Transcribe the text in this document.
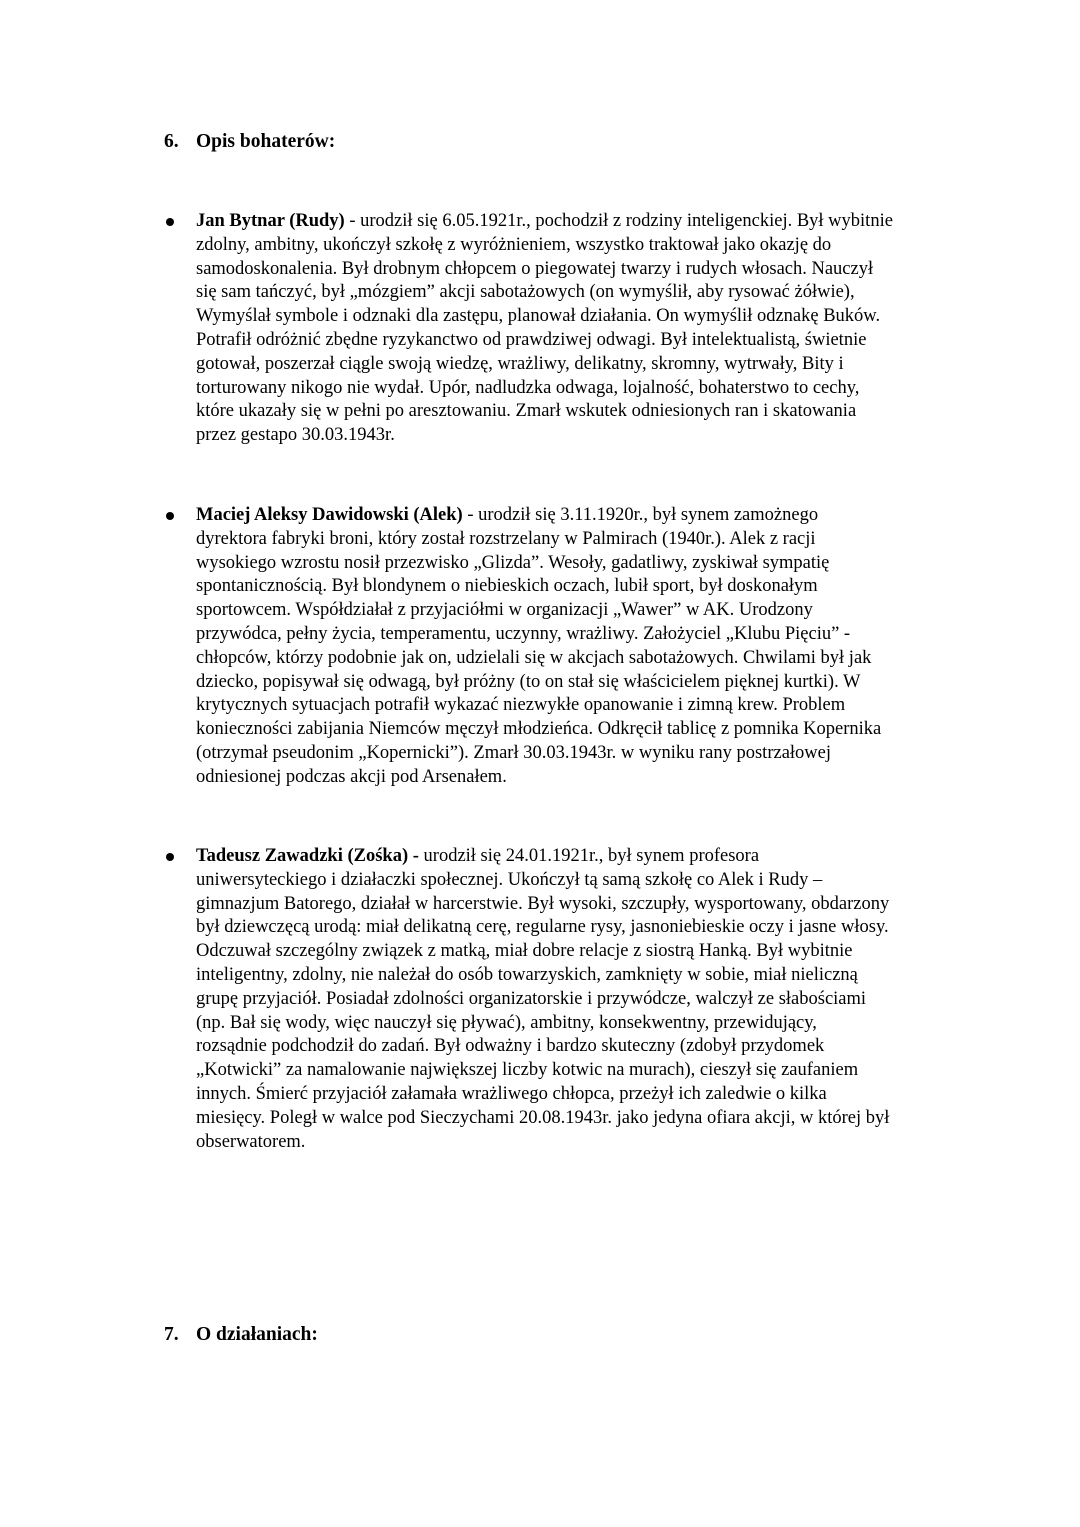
6. Opis bohaterów:

Jan Bytnar (Rudy) - urodził się 6.05.1921r., pochodził z rodziny inteligenckiej. Był wybitnie
zdolny, ambitny, ukończył szkołę z wyróżnieniem, wszystko traktował jako okazję do
samodoskonalenia. Był drobnym chłopcem o piegowatej twarzy i rudych włosach. Nauczył
się sam tańczyć, był „mózgiem” akcji sabotażowych (on wymyślił, aby rysować żółwie),
Wymyślał symbole i odznaki dla zastępu, planował działania. On wymyślił odznakę Buków.
Potrafił odróżnić zbędne ryzykanctwo od prawdziwej odwagi. Był intelektualistą, świetnie
gotował, poszerzał ciągle swoją wiedzę, wrażliwy, delikatny, skromny, wytrwały, Bity i
torturowany nikogo nie wydał. Upór, nadludzka odwaga, lojalność, bohaterstwo to cechy,
które ukazały się w pełni po aresztowaniu. Zmarł wskutek odniesionych ran i skatowania
przez gestapo 30.03.1943r.

Maciej Aleksy Dawidowski (Alek) - urodził się 3.11.1920r., był synem zamożnego
dyrektora fabryki broni, który został rozstrzelany w Palmirach (1940r.). Alek z racji
wysokiego wzrostu nosił przezwisko „Glizda”. Wesoły, gadatliwy, zyskiwał sympatię
spontanicznością. Był blondynem o niebieskich oczach, lubił sport, był doskonałym
sportowcem. Współdziałał z przyjaciółmi w organizacji „Wawer” w AK. Urodzony
przywódca, pełny życia, temperamentu, uczynny, wrażliwy. Założyciel „Klubu Pięciu” -
chłopców, którzy podobnie jak on, udzielali się w akcjach sabotażowych. Chwilami był jak
dziecko, popisywał się odwagą, był próżny (to on stał się właścicielem pięknej kurtki). W
krytycznych sytuacjach potrafił wykazać niezwykłe opanowanie i zimną krew. Problem
konieczności zabijania Niemców męczył młodzieńca. Odkręcił tablicę z pomnika Kopernika
(otrzymał pseudonim „Kopernicki”). Zmarł 30.03.1943r. w wyniku rany postrzałowej
odniesionej podczas akcji pod Arsenałem.

Tadeusz Zawadzki (Zośka) - urodził się 24.01.1921r., był synem profesora
uniwersyteckiego i działaczki społecznej. Ukończył tą samą szkołę co Alek i Rudy –
gimnazjum Batorego, działał w harcerstwie. Był wysoki, szczupły, wysportowany, obdarzony
był dziewczęcą urodą: miał delikatną cerę, regularne rysy, jasnoniebieskie oczy i jasne włosy.
Odczuwał szczególny związek z matką, miał dobre relacje z siostrą Hanką. Był wybitnie
inteligentny, zdolny, nie należał do osób towarzyskich, zamknięty w sobie, miał nieliczną
grupę przyjaciół. Posiadał zdolności organizatorskie i przywódcze, walczył ze słabościami
(np. Bał się wody, więc nauczył się pływać), ambitny, konsekwentny, przewidujący,
rozsądnie podchodził do zadań. Był odważny i bardzo skuteczny (zdobył przydomek
„Kotwicki” za namalowanie największej liczby kotwic na murach), cieszył się zaufaniem
innych. Śmierć przyjaciół załamała wrażliwego chłopca, przeżył ich zaledwie o kilka
miesięcy. Poległ w walce pod Sieczychami 20.08.1943r. jako jedyna ofiara akcji, w której był
obserwatorem.

7. O działaniach:
